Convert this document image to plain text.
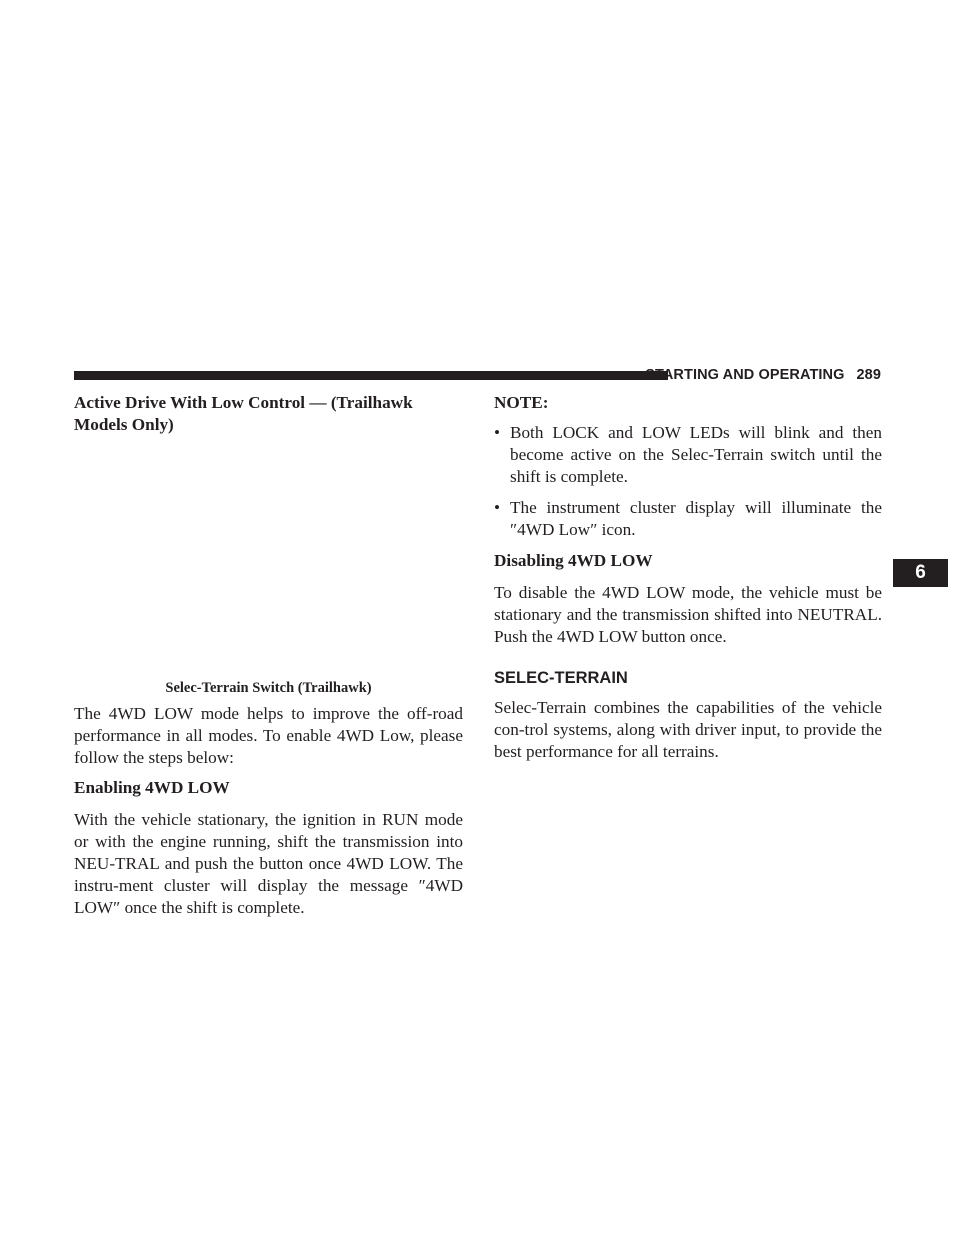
STARTING AND OPERATING 289
6
Active Drive With Low Control — (Trailhawk Models Only)

Selec-Terrain Switch (Trailhawk)

The 4WD LOW mode helps to improve the off-road performance in all modes. To enable 4WD Low, please follow the steps below:

Enabling 4WD LOW

With the vehicle stationary, the ignition in RUN mode or with the engine running, shift the transmission into NEU-TRAL and push the button once 4WD LOW. The instru-ment cluster will display the message ″4WD LOW″ once the shift is complete.

NOTE:
• Both LOCK and LOW LEDs will blink and then become active on the Selec-Terrain switch until the shift is complete.
• The instrument cluster display will illuminate the ″4WD Low″ icon.
Disabling 4WD LOW

To disable the 4WD LOW mode, the vehicle must be stationary and the transmission shifted into NEUTRAL. Push the 4WD LOW button once.

SELEC-TERRAIN

Selec-Terrain combines the capabilities of the vehicle con-trol systems, along with driver input, to provide the best performance for all terrains.
